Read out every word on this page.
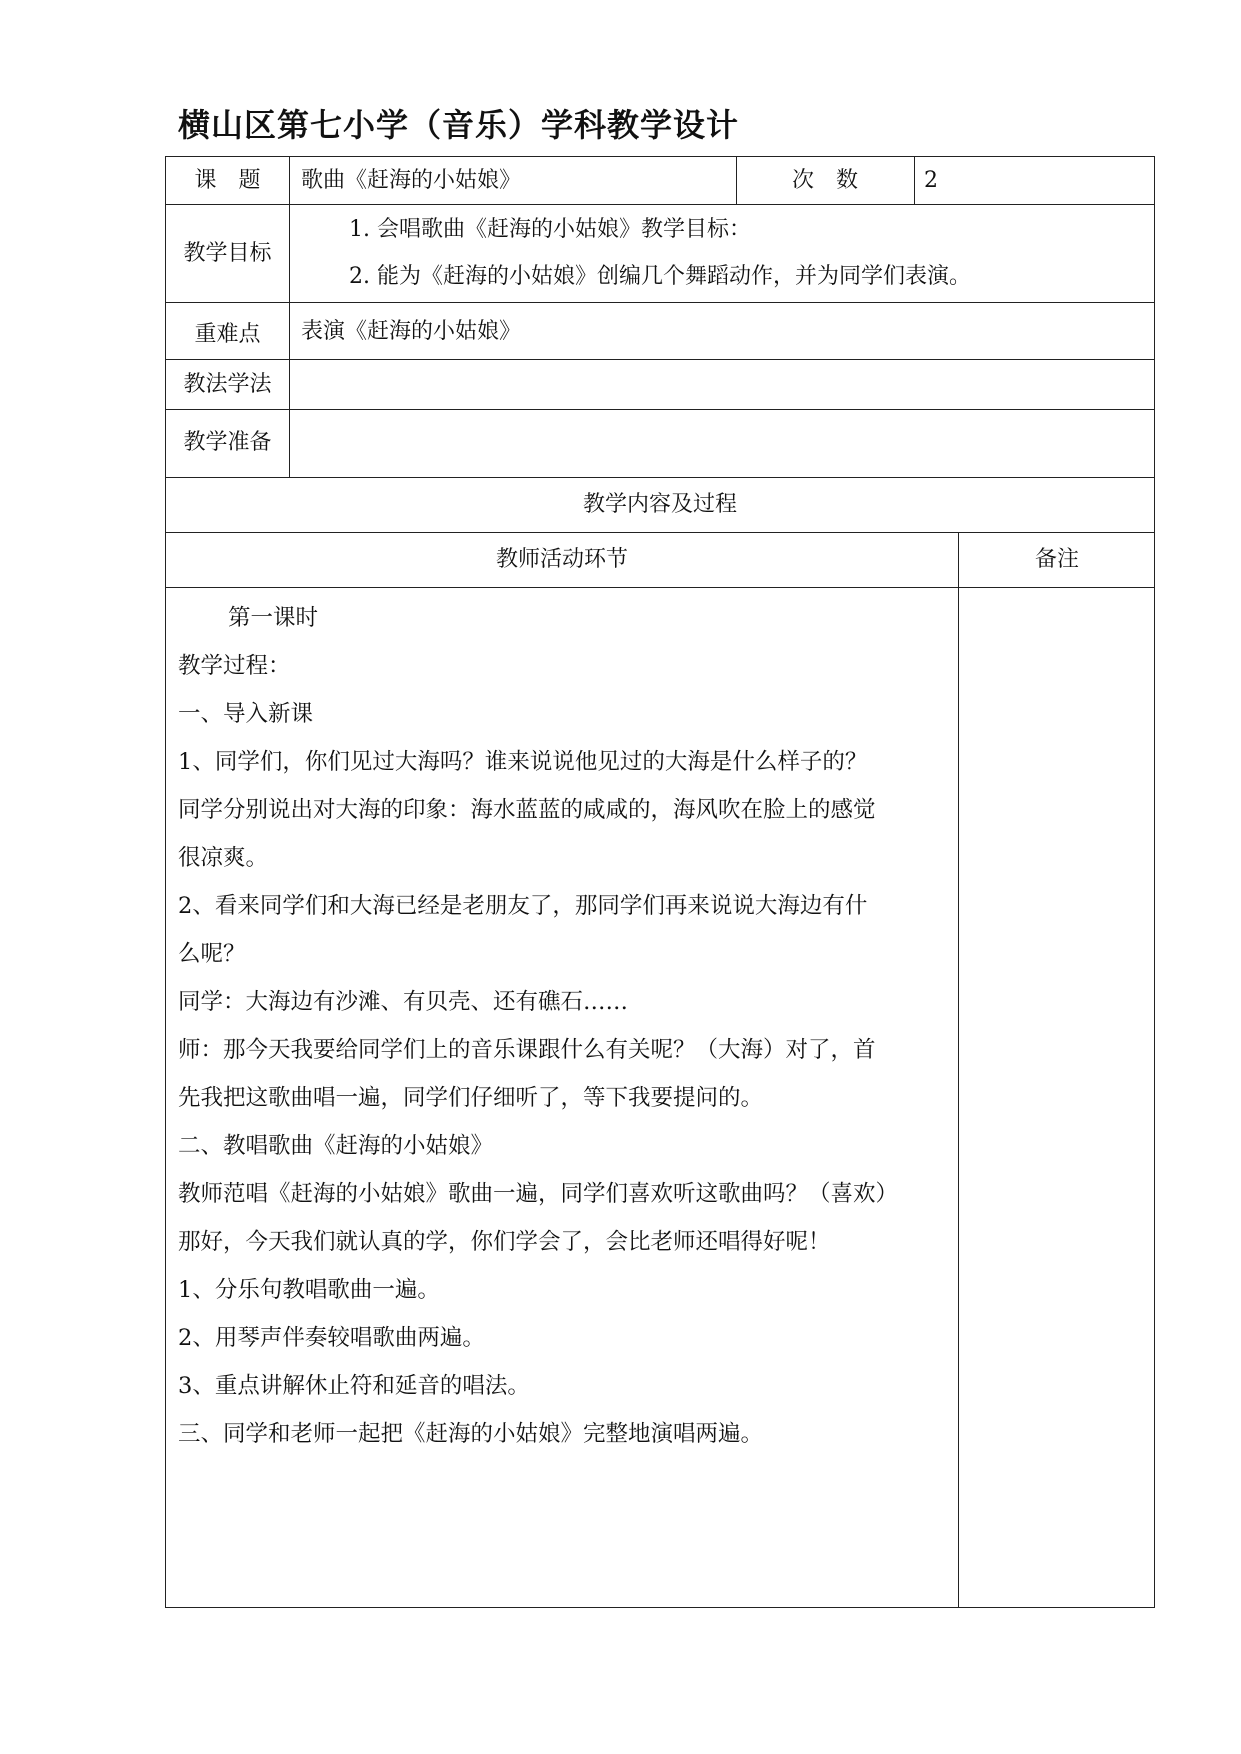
横山区第七小学（音乐）学科教学设计
课　题	歌曲《赶海的小姑娘》	次　数	2
教学目标
1. 会唱歌曲《赶海的小姑娘》教学目标：
2. 能为《赶海的小姑娘》创编几个舞蹈动作，并为同学们表演。
重难点	表演《赶海的小姑娘》
教法学法
教学准备
教学内容及过程
教师活动环节	备注
第一课时
教学过程：
一、导入新课
1、同学们，你们见过大海吗？谁来说说他见过的大海是什么样子的？
同学分别说出对大海的印象：海水蓝蓝的咸咸的，海风吹在脸上的感觉
很凉爽。
2、看来同学们和大海已经是老朋友了，那同学们再来说说大海边有什
么呢？
同学：大海边有沙滩、有贝壳、还有礁石……
师：那今天我要给同学们上的音乐课跟什么有关呢？（大海）对了，首
先我把这歌曲唱一遍，同学们仔细听了，等下我要提问的。
二、教唱歌曲《赶海的小姑娘》
教师范唱《赶海的小姑娘》歌曲一遍，同学们喜欢听这歌曲吗？（喜欢）
那好，今天我们就认真的学，你们学会了，会比老师还唱得好呢！
1、分乐句教唱歌曲一遍。
2、用琴声伴奏较唱歌曲两遍。
3、重点讲解休止符和延音的唱法。
三、同学和老师一起把《赶海的小姑娘》完整地演唱两遍。
